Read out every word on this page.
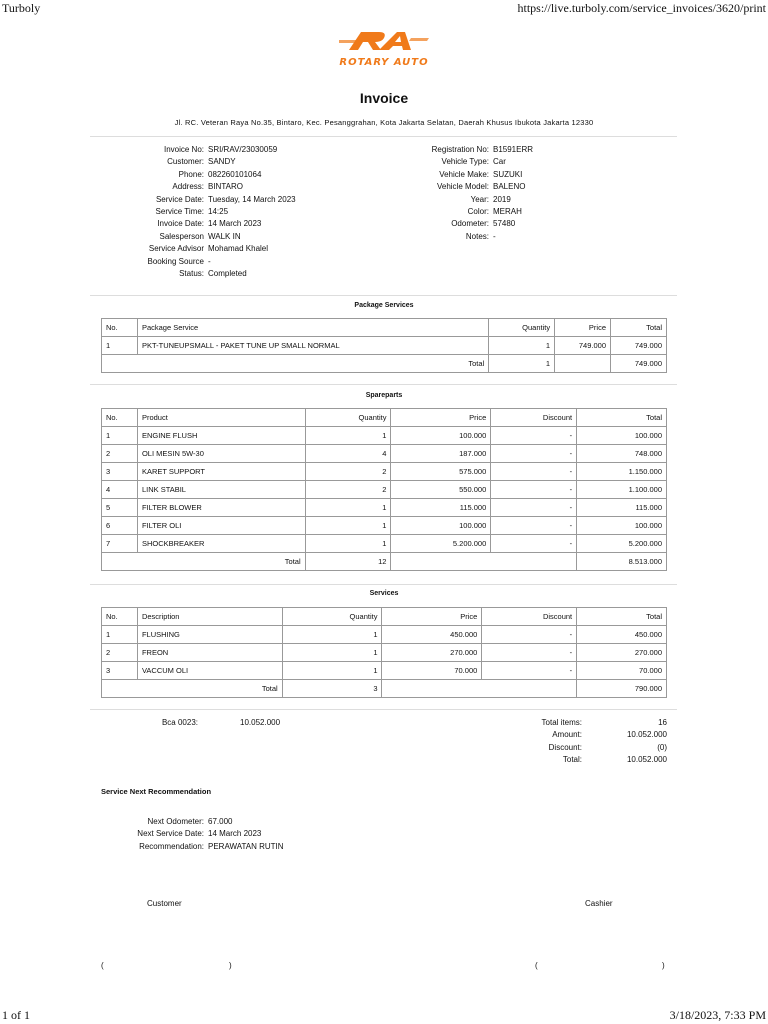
Turboly	https://live.turboly.com/service_invoices/3620/print
1 of 1	3/18/2023, 7:33 PM
ROTARY AUTO
Invoice
Jl. RC. Veteran Raya No.35, Bintaro, Kec. Pesanggrahan, Kota Jakarta Selatan, Daerah Khusus Ibukota Jakarta 12330
Invoice No: SRI/RAV/23030059
Customer: SANDY
Phone: 082260101064
Address: BINTARO
Service Date: Tuesday, 14 March 2023
Service Time: 14:25
Invoice Date: 14 March 2023
Salesperson WALK IN
Service Advisor Mohamad Khalel
Booking Source -
Status: Completed
Registration No: B1591ERR
Vehicle Type: Car
Vehicle Make: SUZUKI
Vehicle Model: BALENO
Year: 2019
Color: MERAH
Odometer: 57480
Notes: -
Package Services
No.	Package Service	Quantity	Price	Total
1	PKT-TUNEUPSMALL - PAKET TUNE UP SMALL NORMAL	1	749.000	749.000
Total		1		749.000
Spareparts
No.	Product	Quantity	Price	Discount	Total
1	ENGINE FLUSH	1	100.000	-	100.000
2	OLI MESIN 5W-30	4	187.000	-	748.000
3	KARET SUPPORT	2	575.000	-	1.150.000
4	LINK STABIL	2	550.000	-	1.100.000
5	FILTER BLOWER	1	115.000	-	115.000
6	FILTER OLI	1	100.000	-	100.000
7	SHOCKBREAKER	1	5.200.000	-	5.200.000
Total		12			8.513.000
Services
No.	Description	Quantity	Price	Discount	Total
1	FLUSHING	1	450.000	-	450.000
2	FREON	1	270.000	-	270.000
3	VACCUM OLI	1	70.000	-	70.000
Total		3			790.000
Bca 0023:	10.052.000	Total items:	16
Amount:	10.052.000
Discount:	(0)
Total:	10.052.000
Service Next Recommendation
Next Odometer: 67.000
Next Service Date: 14 March 2023
Recommendation: PERAWATAN RUTIN
Customer	Cashier
(	)	(	)
